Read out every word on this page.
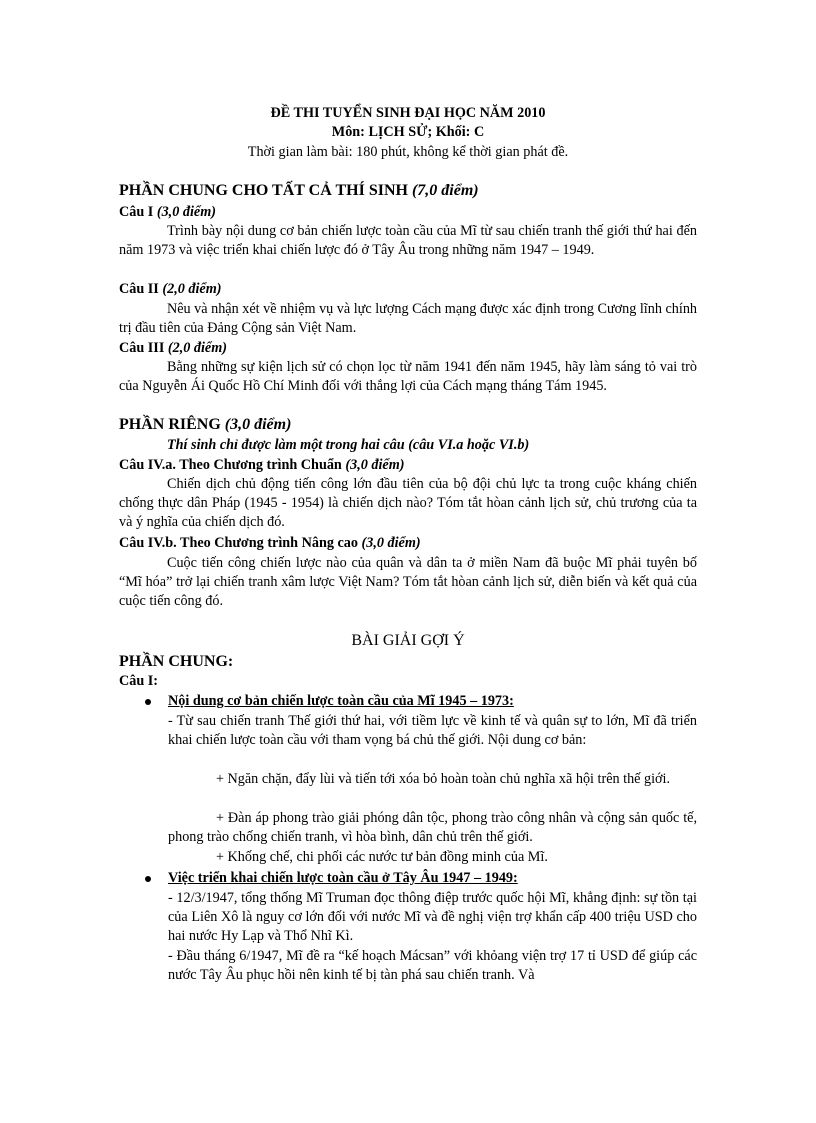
ĐỀ THI TUYỂN SINH ĐẠI HỌC NĂM 2010
Môn: LỊCH SỬ; Khối: C
Thời gian làm bài: 180 phút, không kể thời gian phát đề.
PHẦN CHUNG CHO TẤT CẢ THÍ SINH (7,0 điểm)
Câu I (3,0 điểm)
Trình bày nội dung cơ bản chiến lược toàn cầu của Mĩ từ sau chiến tranh thế giới thứ hai đến năm 1973 và việc triển khai chiến lược đó ở Tây Âu trong những năm 1947 – 1949.
Câu II (2,0 điểm)
Nêu và nhận xét về nhiệm vụ và lực lượng Cách mạng được xác định trong Cương lĩnh chính trị đầu tiên của Đảng Cộng sản Việt Nam.
Câu III (2,0 điểm)
Bằng những sự kiện lịch sử có chọn lọc từ năm 1941 đến năm 1945, hãy làm sáng tỏ vai trò của Nguyễn Ái Quốc Hồ Chí Minh đối với thắng lợi của Cách mạng tháng Tám 1945.
PHẦN RIÊNG (3,0 điểm)
Thí sinh chỉ được làm một trong hai câu (câu VI.a hoặc VI.b)
Câu IV.a. Theo Chương trình Chuẩn (3,0 điểm)
Chiến dịch chủ động tiến công lớn đầu tiên của bộ đội chủ lực ta trong cuộc kháng chiến chống thực dân Pháp (1945 - 1954) là chiến dịch nào? Tóm tắt hòan cảnh lịch sử, chủ trương của ta và ý nghĩa của chiến dịch đó.
Câu IV.b. Theo Chương trình Nâng cao (3,0 điểm)
Cuộc tiến công chiến lược nào của quân và dân ta ở miền Nam đã buộc Mĩ phải tuyên bố “Mĩ hóa” trở lại chiến tranh xâm lược Việt Nam? Tóm tắt hòan cảnh lịch sử, diễn biến và kết quả của cuộc tiến công đó.
BÀI GIẢI GỢI Ý
PHẦN CHUNG:
Câu I:
Nội dung cơ bản chiến lược toàn cầu của Mĩ 1945 – 1973:
- Từ sau chiến tranh Thế giới thứ hai, với tiềm lực về kinh tế và quân sự to lớn, Mĩ đã triển khai chiến lược toàn cầu với tham vọng bá chủ thế giới. Nội dung cơ bản:
+ Ngăn chặn, đẩy lùi và tiến tới xóa bỏ hoàn toàn chủ nghĩa xã hội trên thế giới.
+ Đàn áp phong trào giải phóng dân tộc, phong trào công nhân và cộng sản quốc tế, phong trào chống chiến tranh, vì hòa bình, dân chủ trên thế giới.
+ Khống chế, chi phối các nước tư bản đồng minh của Mĩ.
Việc triển khai chiến lược toàn cầu ở Tây Âu 1947 – 1949:
- 12/3/1947, tổng thống Mĩ Truman đọc thông điệp trước quốc hội Mĩ, khẳng định: sự tồn tại của Liên Xô là nguy cơ lớn đối với nước Mĩ và đề nghị viện trợ khẩn cấp 400 triệu USD cho hai nước Hy Lạp và Thổ Nhĩ Kì.
- Đầu tháng 6/1947, Mĩ đề ra “kế hoạch Mácsan” với khỏang viện trợ 17 tỉ USD để giúp các nước Tây Âu phục hồi nên kinh tế bị tàn phá sau chiến tranh. Và
